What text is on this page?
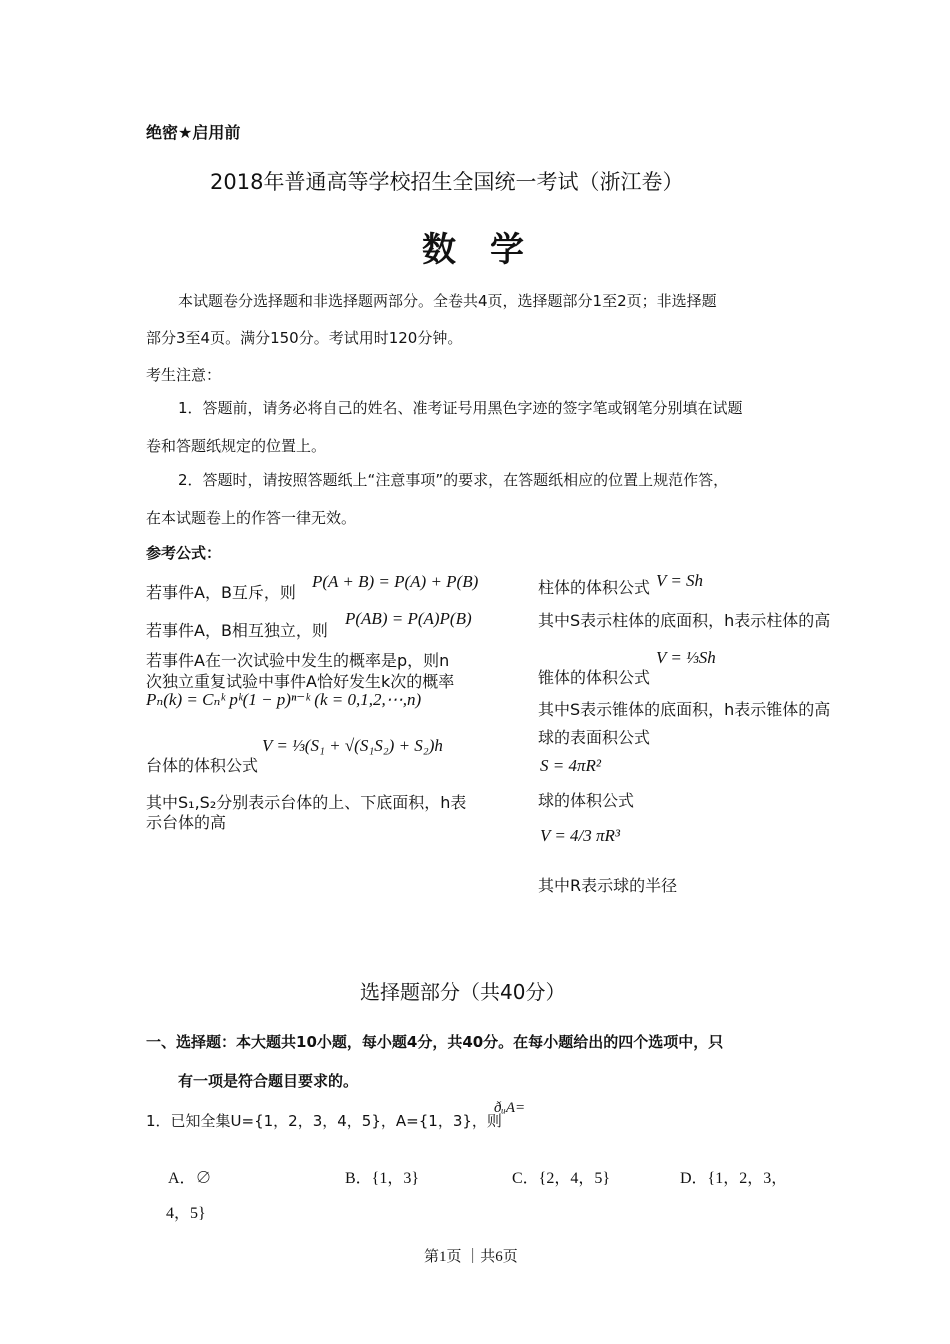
绝密★启用前
2018年普通高等学校招生全国统一考试（浙江卷）
数　学
本试题卷分选择题和非选择题两部分。全卷共4页，选择题部分1至2页；非选择题
部分3至4页。满分150分。考试用时120分钟。
考生注意：
1．答题前，请务必将自己的姓名、准考证号用黑色字迹的签字笔或钢笔分别填在试题
卷和答题纸规定的位置上。
2．答题时，请按照答题纸上“注意事项”的要求，在答题纸相应的位置上规范作答，
在本试题卷上的作答一律无效。
参考公式：
若事件A，B互斥，则
P(A + B) = P(A) + P(B)
若事件A，B相互独立，则
P(AB) = P(A)P(B)
若事件A在一次试验中发生的概率是p，则n
次独立重复试验中事件A恰好发生k次的概率
Pₙ(k) = Cₙᵏ pᵏ(1 − p)ⁿ⁻ᵏ (k = 0,1,2,⋯,n)
台体的体积公式
V = ⅓(S₁ + √(S₁S₂) + S₂)h
其中S₁,S₂分别表示台体的上、下底面积，h表
示台体的高
柱体的体积公式 V = Sh
其中S表示柱体的底面积，h表示柱体的高
锥体的体积公式
V = ⅓Sh
其中S表示锥体的底面积，h表示锥体的高
球的表面积公式
S = 4πR²
球的体积公式
V = 4/3 πR³
其中R表示球的半径
选择题部分（共40分）
一、选择题：本大题共10小题，每小题4分，共40分。在每小题给出的四个选项中，只
有一项是符合题目要求的。
1．已知全集U={1，2，3，4，5}，A={1，3}，则
ðᵤA=
A．∅	B．{1，3}	C．{2，4，5}	D．{1，2，3，
4，5}
第1页 ｜共6页
